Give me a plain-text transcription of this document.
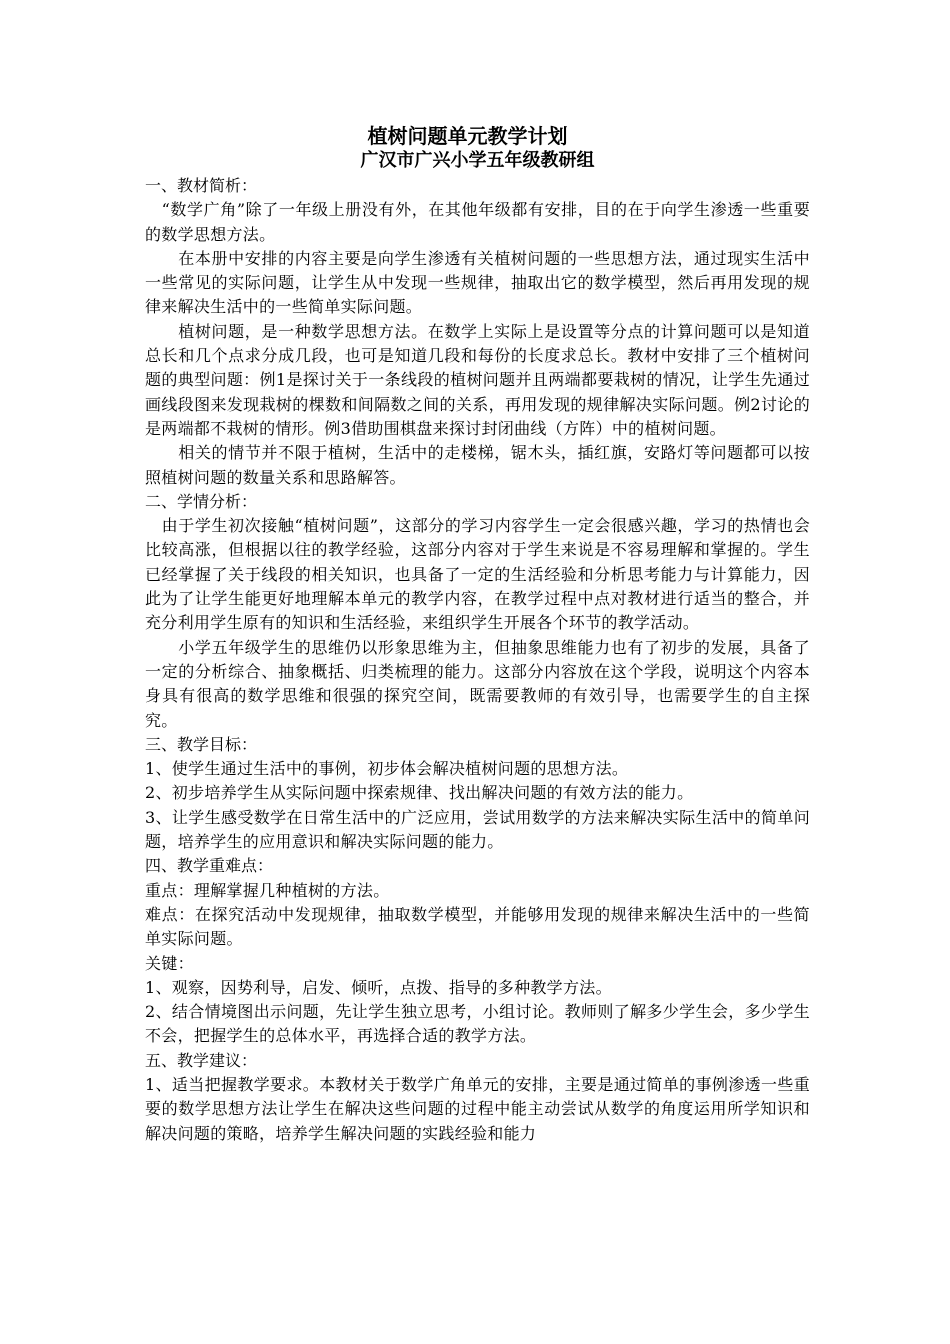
植树问题单元教学计划

广汉市广兴小学五年级教研组

一、教材简析：

　“数学广角”除了一年级上册没有外，在其他年级都有安排，目的在于向学生渗透一些重要的数学思想方法。

　　在本册中安排的内容主要是向学生渗透有关植树问题的一些思想方法，通过现实生活中一些常见的实际问题，让学生从中发现一些规律，抽取出它的数学模型，然后再用发现的规律来解决生活中的一些简单实际问题。

　　植树问题，是一种数学思想方法。在数学上实际上是设置等分点的计算问题可以是知道总长和几个点求分成几段，也可是知道几段和每份的长度求总长。教材中安排了三个植树问题的典型问题：例1是探讨关于一条线段的植树问题并且两端都要栽树的情况，让学生先通过画线段图来发现栽树的棵数和间隔数之间的关系，再用发现的规律解决实际问题。例2讨论的是两端都不栽树的情形。例3借助围棋盘来探讨封闭曲线（方阵）中的植树问题。

　　相关的情节并不限于植树，生活中的走楼梯，锯木头，插红旗，安路灯等问题都可以按照植树问题的数量关系和思路解答。

二、学情分析：

　由于学生初次接触“植树问题”，这部分的学习内容学生一定会很感兴趣，学习的热情也会比较高涨，但根据以往的教学经验，这部分内容对于学生来说是不容易理解和掌握的。学生已经掌握了关于线段的相关知识，也具备了一定的生活经验和分析思考能力与计算能力，因此为了让学生能更好地理解本单元的教学内容，在教学过程中点对教材进行适当的整合，并充分利用学生原有的知识和生活经验，来组织学生开展各个环节的教学活动。

　　小学五年级学生的思维仍以形象思维为主，但抽象思维能力也有了初步的发展，具备了一定的分析综合、抽象概括、归类梳理的能力。这部分内容放在这个学段，说明这个内容本身具有很高的数学思维和很强的探究空间，既需要教师的有效引导，也需要学生的自主探究。

三、教学目标：

1、使学生通过生活中的事例，初步体会解决植树问题的思想方法。

2、初步培养学生从实际问题中探索规律、找出解决问题的有效方法的能力。

3、让学生感受数学在日常生活中的广泛应用，尝试用数学的方法来解决实际生活中的简单问题，培养学生的应用意识和解决实际问题的能力。

四、教学重难点：

重点：理解掌握几种植树的方法。

难点：在探究活动中发现规律，抽取数学模型，并能够用发现的规律来解决生活中的一些简单实际问题。

关键：

1、观察，因势利导，启发、倾听，点拨、指导的多种教学方法。

2、结合情境图出示问题，先让学生独立思考，小组讨论。教师则了解多少学生会，多少学生不会，把握学生的总体水平，再选择合适的教学方法。

五、教学建议：

1、适当把握教学要求。本教材关于数学广角单元的安排，主要是通过简单的事例渗透一些重要的数学思想方法让学生在解决这些问题的过程中能主动尝试从数学的角度运用所学知识和解决问题的策略，培养学生解决问题的实践经验和能力
